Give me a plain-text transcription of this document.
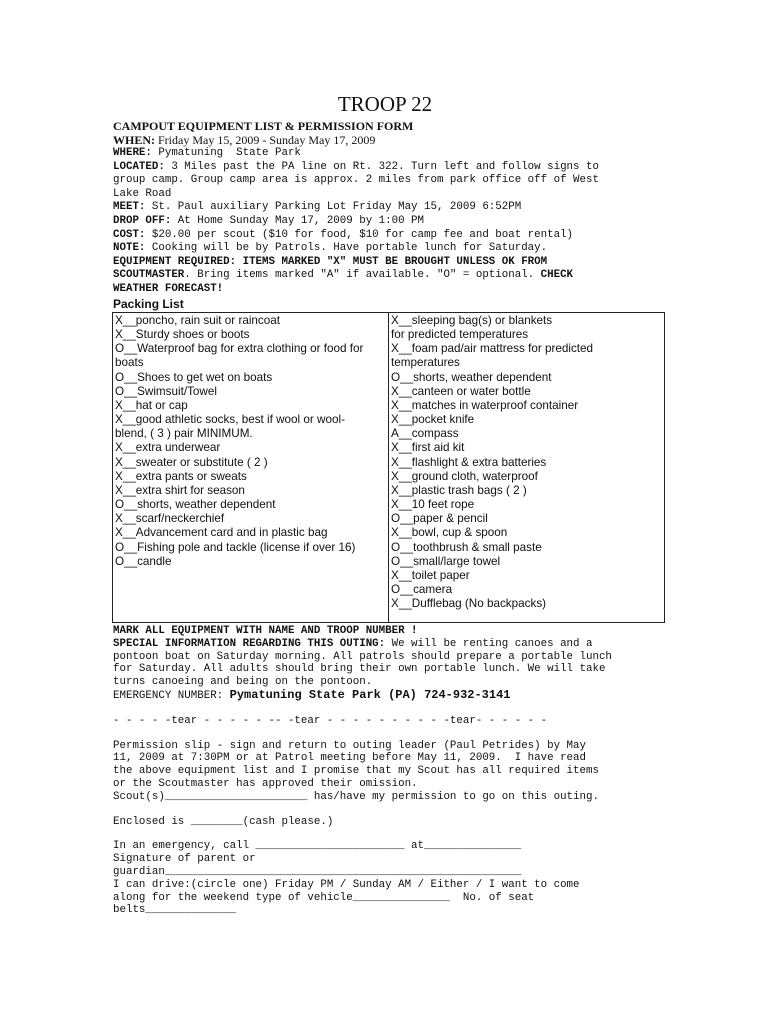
TROOP 22
CAMPOUT EQUIPMENT LIST & PERMISSION FORM
WHEN: Friday May 15, 2009 - Sunday May 17, 2009
WHERE: Pymatuning  State Park
LOCATED: 3 Miles past the PA line on Rt. 322. Turn left and follow signs to
group camp. Group camp area is approx. 2 miles from park office off of West
Lake Road
MEET: St. Paul auxiliary Parking Lot Friday May 15, 2009 6:52PM
DROP OFF: At Home Sunday May 17, 2009 by 1:00 PM
COST: $20.00 per scout ($10 for food, $10 for camp fee and boat rental)
NOTE: Cooking will be by Patrols. Have portable lunch for Saturday.
EQUIPMENT REQUIRED: ITEMS MARKED "X" MUST BE BROUGHT UNLESS OK FROM
SCOUTMASTER. Bring items marked "A" if available. "O" = optional. CHECK
WEATHER FORECAST!
Packing List
X__poncho, rain suit or raincoat
X__Sturdy shoes or boots
O__Waterproof bag for extra clothing or food for
boats
O__Shoes to get wet on boats
O__Swimsuit/Towel
X__hat or cap
X__good athletic socks, best if wool or wool-
blend, ( 3 ) pair MINIMUM.
X__extra underwear
X__sweater or substitute ( 2 )
X__extra pants or sweats
X__extra shirt for season
O__shorts, weather dependent
X__scarf/neckerchief
X__Advancement card and in plastic bag
O__Fishing pole and tackle (license if over 16)
O__candle
X__sleeping bag(s) or blankets
for predicted temperatures
X__foam pad/air mattress for predicted
temperatures
O__shorts, weather dependent
X__canteen or water bottle
X__matches in waterproof container
X__pocket knife
A__compass
X__first aid kit
X__flashlight & extra batteries
X__ground cloth, waterproof
X__plastic trash bags ( 2 )
X__10 feet rope
O__paper & pencil
X__bowl, cup & spoon
O__toothbrush & small paste
O__small/large towel
X__toilet paper
O__camera
X__Dufflebag (No backpacks)
MARK ALL EQUIPMENT WITH NAME AND TROOP NUMBER !
SPECIAL INFORMATION REGARDING THIS OUTING: We will be renting canoes and a
pontoon boat on Saturday morning. All patrols should prepare a portable lunch
for Saturday. All adults should bring their own portable lunch. We will take
turns canoeing and being on the pontoon.
EMERGENCY NUMBER: Pymatuning State Park (PA) 724-932-3141
- - - - -tear - - - - - -- -tear - - - - - - - - - -tear- - - - - -
Permission slip - sign and return to outing leader (Paul Petrides) by May
11, 2009 at 7:30PM or at Patrol meeting before May 11, 2009.  I have read
the above equipment list and I promise that my Scout has all required items
or the Scoutmaster has approved their omission.
Scout(s)______________________ has/have my permission to go on this outing.
Enclosed is ________(cash please.)
In an emergency, call _______________________ at_______________
Signature of parent or
guardian_______________________________________________________
I can drive:(circle one) Friday PM / Sunday AM / Either / I want to come
along for the weekend type of vehicle_______________  No. of seat
belts______________
